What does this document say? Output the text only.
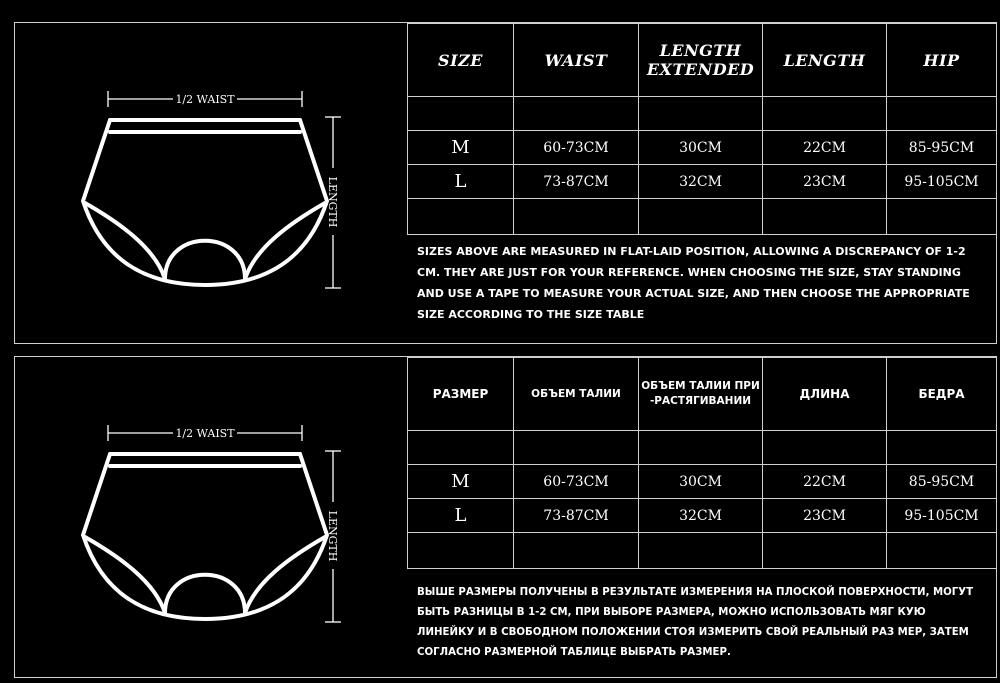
1/2 WAIST
LENGTH
SIZE	WAIST	LENGTH EXTENDED	LENGTH	HIP

M	60-73CM	30CM	22CM	85-95CM
L	73-87CM	32CM	23CM	95-105CM

SIZES ABOVE ARE MEASURED IN FLAT-LAID POSITION, ALLOWING A DISCREPANCY OF 1-2 CM. THEY ARE JUST FOR YOUR REFERENCE. WHEN CHOOSING THE SIZE, STAY STANDING AND USE A TAPE TO MEASURE YOUR ACTUAL SIZE, AND THEN CHOOSE THE APPROPRIATE SIZE ACCORDING TO THE SIZE TABLE
1/2 WAIST
LENGTH
РАЗМЕР	ОБЪЕМ ТАЛИИ	ОБЪЕМ ТАЛИИ ПРИ -РАСТЯГИВАНИИ	ДЛИНА	БЕДРА

M	60-73CM	30CM	22CM	85-95CM
L	73-87CM	32CM	23CM	95-105CM

ВЫШЕ РАЗМЕРЫ ПОЛУЧЕНЫ В РЕЗУЛЬТАТЕ ИЗМЕРЕНИЯ НА ПЛОСКОЙ ПОВЕРХНОСТИ, МОГУТ БЫТЬ РАЗНИЦЫ В 1-2 СМ, ПРИ ВЫБОРЕ РАЗМЕРА, МОЖНО ИСПОЛЬЗОВАТЬ МЯГ КУЮ ЛИНЕЙКУ И В СВОБОДНОМ ПОЛОЖЕНИИ СТОЯ ИЗМЕРИТЬ СВОЙ РЕАЛЬНЫЙ РАЗ МЕР, ЗАТЕМ СОГЛАСНО РАЗМЕРНОЙ ТАБЛИЦЕ ВЫБРАТЬ РАЗМЕР.
